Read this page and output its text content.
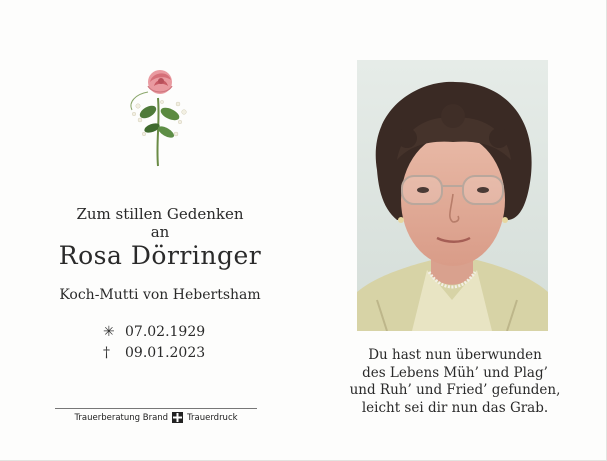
Zum stillen Gedenken
an
Rosa Dörringer
Koch-Mutti von Hebertsham
✳ 07.02.1929
†	09.01.2023
Trauerberatung Brand Trauerdruck
Du hast nun überwunden
des Lebens Müh’ und Plag’
und Ruh’ und Fried’ gefunden,
leicht sei dir nun das Grab.
